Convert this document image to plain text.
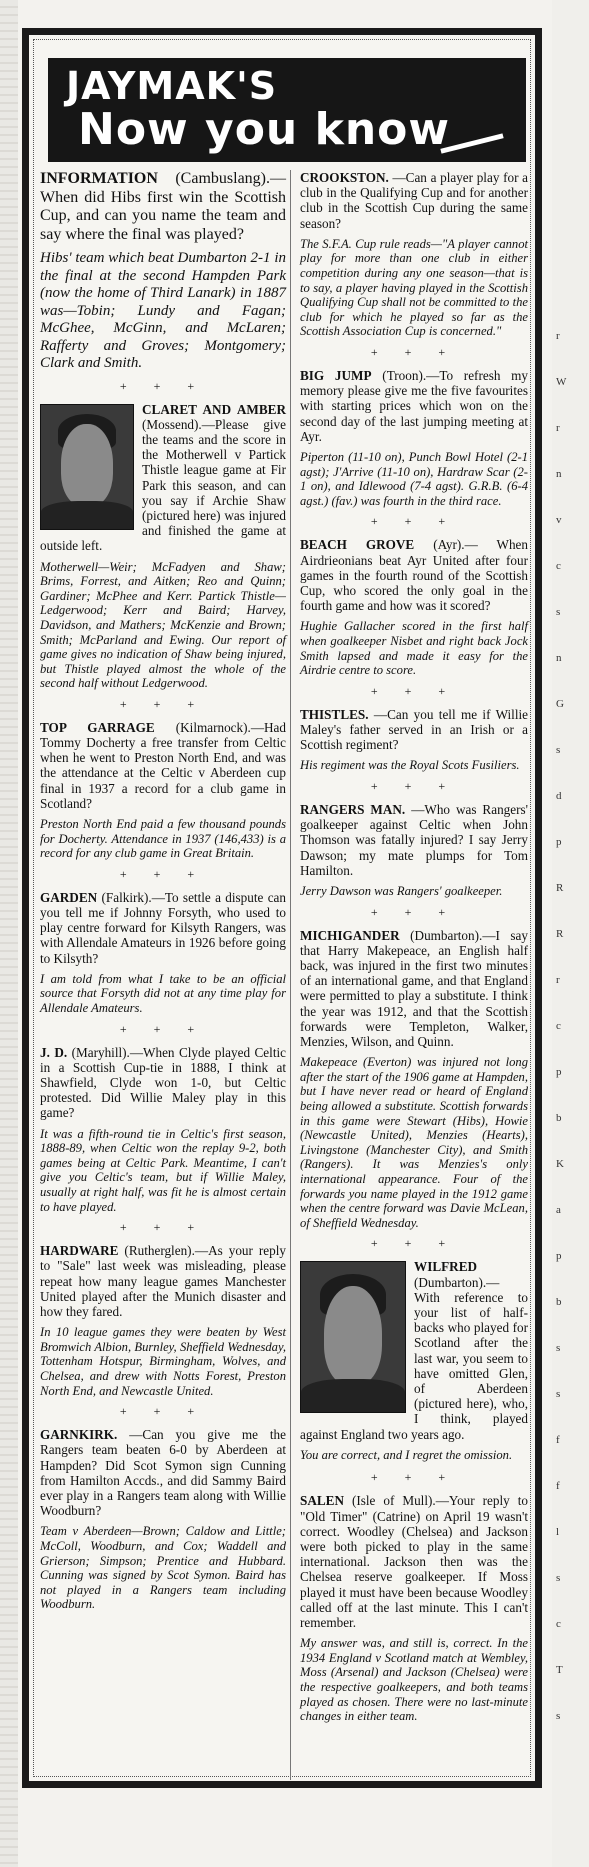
JAYMAK'S
Now you know

INFORMATION (Cambuslang).—When did Hibs first win the Scottish Cup, and can you name the team and say where the final was played?

Hibs' team which beat Dumbarton 2-1 in the final at the second Hampden Park (now the home of Third Lanark) in 1887 was—Tobin; Lundy and Fagan; McGhee, McGinn, and McLaren; Rafferty and Groves; Montgomery; Clark and Smith.

+ + +

CLARET AND AMBER (Mossend).—Please give the teams and the score in the Motherwell v Partick Thistle league game at Fir Park this season, and can you say if Archie Shaw (pictured here) was injured and finished the game at outside left.

Motherwell—Weir; McFadyen and Shaw; Brims, Forrest, and Aitken; Reo and Quinn; Gardiner; McPhee and Kerr. Partick Thistle—Ledgerwood; Kerr and Baird; Harvey, Davidson, and Mathers; McKenzie and Brown; Smith; McParland and Ewing. Our report of game gives no indication of Shaw being injured, but Thistle played almost the whole of the second half without Ledgerwood.

+ + +

TOP GARRAGE (Kilmarnock).—Had Tommy Docherty a free transfer from Celtic when he went to Preston North End, and was the attendance at the Celtic v Aberdeen cup final in 1937 a record for a club game in Scotland?

Preston North End paid a few thousand pounds for Docherty. Attendance in 1937 (146,433) is a record for any club game in Great Britain.

+ + +

GARDEN (Falkirk).—To settle a dispute can you tell me if Johnny Forsyth, who used to play centre forward for Kilsyth Rangers, was with Allendale Amateurs in 1926 before going to Kilsyth?

I am told from what I take to be an official source that Forsyth did not at any time play for Allendale Amateurs.

+ + +

J. D. (Maryhill).—When Clyde played Celtic in a Scottish Cup-tie in 1888, I think at Shawfield, Clyde won 1-0, but Celtic protested. Did Willie Maley play in this game?

It was a fifth-round tie in Celtic's first season, 1888-89, when Celtic won the replay 9-2, both games being at Celtic Park. Meantime, I can't give you Celtic's team, but if Willie Maley, usually at right half, was fit he is almost certain to have played.

+ + +

HARDWARE (Rutherglen).—As your reply to "Sale" last week was misleading, please repeat how many league games Manchester United played after the Munich disaster and how they fared.

In 10 league games they were beaten by West Bromwich Albion, Burnley, Sheffield Wednesday, Tottenham Hotspur, Birmingham, Wolves, and Chelsea, and drew with Notts Forest, Preston North End, and Newcastle United.

+ + +

GARNKIRK. —Can you give me the Rangers team beaten 6-0 by Aberdeen at Hampden? Did Scot Symon sign Cunning from Hamilton Accds., and did Sammy Baird ever play in a Rangers team along with Willie Woodburn?

Team v Aberdeen—Brown; Caldow and Little; McColl, Woodburn, and Cox; Waddell and Grierson; Simpson; Prentice and Hubbard. Cunning was signed by Scot Symon. Baird has not played in a Rangers team including Woodburn.

CROOKSTON. —Can a player play for a club in the Qualifying Cup and for another club in the Scottish Cup during the same season?

The S.F.A. Cup rule reads—"A player cannot play for more than one club in either competition during any one season—that is to say, a player having played in the Scottish Qualifying Cup shall not be committed to the club for which he played so far as the Scottish Association Cup is concerned."

+ + +

BIG JUMP (Troon).—To refresh my memory please give me the five favourites with starting prices which won on the second day of the last jumping meeting at Ayr.

Piperton (11-10 on), Punch Bowl Hotel (2-1 agst); J'Arrive (11-10 on), Hardraw Scar (2-1 on), and Idlewood (7-4 agst). G.R.B. (6-4 agst.) (fav.) was fourth in the third race.

+ + +

BEACH GROVE (Ayr).— When Airdrieonians beat Ayr United after four games in the fourth round of the Scottish Cup, who scored the only goal in the fourth game and how was it scored?

Hughie Gallacher scored in the first half when goalkeeper Nisbet and right back Jock Smith lapsed and made it easy for the Airdrie centre to score.

+ + +

THISTLES. —Can you tell me if Willie Maley's father served in an Irish or a Scottish regiment?

His regiment was the Royal Scots Fusiliers.

+ + +

RANGERS MAN. —Who was Rangers' goalkeeper against Celtic when John Thomson was fatally injured? I say Jerry Dawson; my mate plumps for Tom Hamilton.

Jerry Dawson was Rangers' goalkeeper.

+ + +

MICHIGANDER (Dumbarton).—I say that Harry Makepeace, an English half back, was injured in the first two minutes of an international game, and that England were permitted to play a substitute. I think the year was 1912, and that the Scottish forwards were Templeton, Walker, Menzies, Wilson, and Quinn.

Makepeace (Everton) was injured not long after the start of the 1906 game at Hampden, but I have never read or heard of England being allowed a substitute. Scottish forwards in this game were Stewart (Hibs), Howie (Newcastle United), Menzies (Hearts), Livingstone (Manchester City), and Smith (Rangers). It was Menzies's only international appearance. Four of the forwards you name played in the 1912 game when the centre forward was Davie McLean, of Sheffield Wednesday.

+ + +

WILFRED (Dumbarton).— With reference to your list of half-backs who played for Scotland after the last war, you seem to have omitted Glen, of Aberdeen (pictured here), who, I think, played against England two years ago.

You are correct, and I regret the omission.

+ + +

SALEN (Isle of Mull).—Your reply to "Old Timer" (Catrine) on April 19 wasn't correct. Woodley (Chelsea) and Jackson were both picked to play in the same international. Jackson then was the Chelsea reserve goalkeeper. If Moss played it must have been because Woodley called off at the last minute. This I can't remember.

My answer was, and still is, correct. In the 1934 England v Scotland match at Wembley, Moss (Arsenal) and Jackson (Chelsea) were the respective goalkeepers, and both teams played as chosen. There were no last-minute changes in either team.

r
W
r
n
v
c
s
n
G
s
d
p
R
R
r
c
p
b
K
a
p
b
s
s
f
f
l
s
c
T
s
